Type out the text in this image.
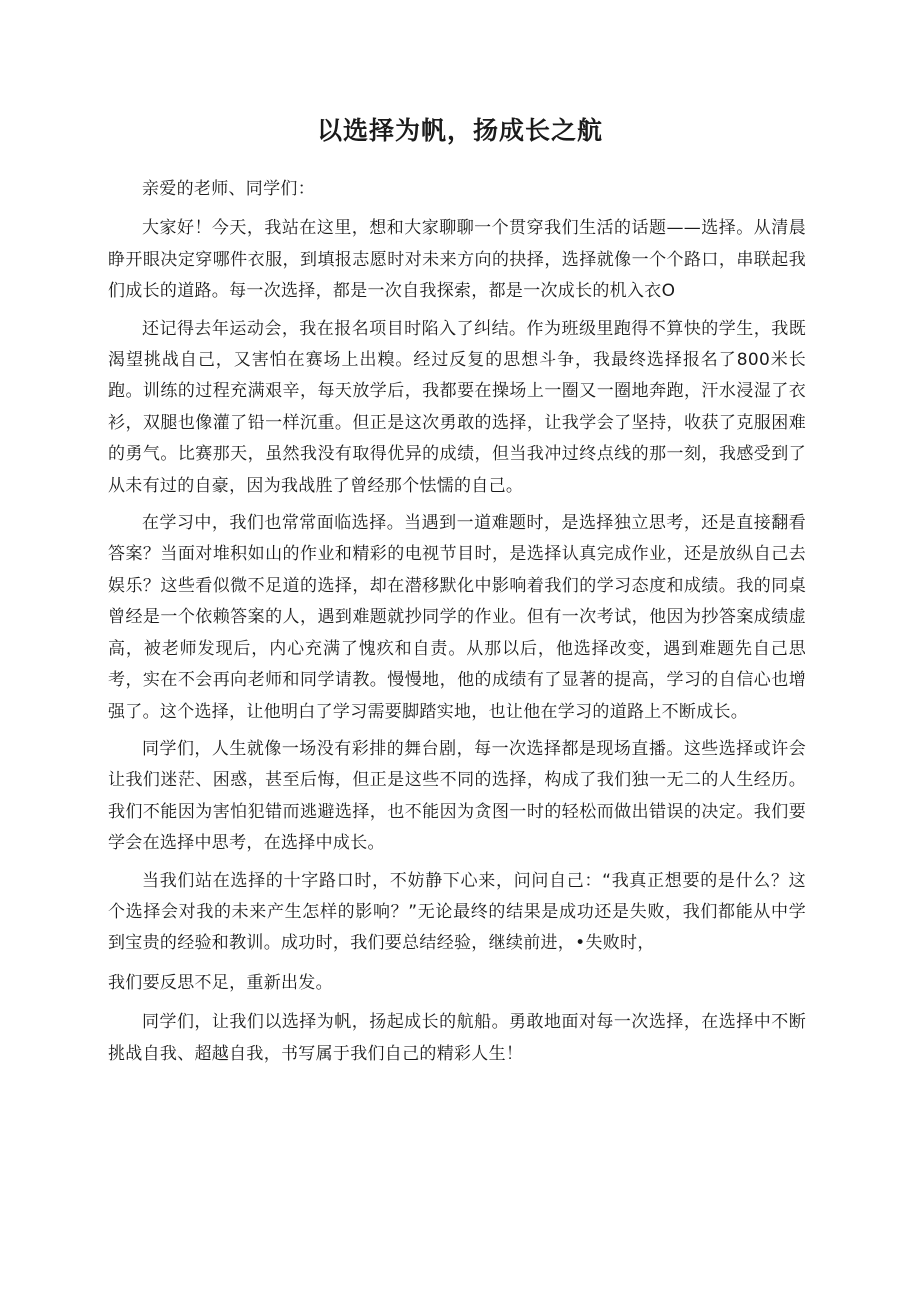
以选择为帆，扬成长之航

亲爱的老师、同学们：

大家好！今天，我站在这里，想和大家聊聊一个贯穿我们生活的话题——选择。从清晨睁开眼决定穿哪件衣服，到填报志愿时对未来方向的抉择，选择就像一个个路口，串联起我们成长的道路。每一次选择，都是一次自我探索，都是一次成长的机入衣O

还记得去年运动会，我在报名项目时陷入了纠结。作为班级里跑得不算快的学生，我既渴望挑战自己，又害怕在赛场上出糗。经过反复的思想斗争，我最终选择报名了800米长跑。训练的过程充满艰辛，每天放学后，我都要在操场上一圈又一圈地奔跑，汗水浸湿了衣衫，双腿也像灌了铅一样沉重。但正是这次勇敢的选择，让我学会了坚持，收获了克服困难的勇气。比赛那天，虽然我没有取得优异的成绩，但当我冲过终点线的那一刻，我感受到了从未有过的自豪，因为我战胜了曾经那个怯懦的自己。

在学习中，我们也常常面临选择。当遇到一道难题时，是选择独立思考，还是直接翻看答案？当面对堆积如山的作业和精彩的电视节目时，是选择认真完成作业，还是放纵自己去娱乐？这些看似微不足道的选择，却在潜移默化中影响着我们的学习态度和成绩。我的同桌曾经是一个依赖答案的人，遇到难题就抄同学的作业。但有一次考试，他因为抄答案成绩虚高，被老师发现后，内心充满了愧疚和自责。从那以后，他选择改变，遇到难题先自己思考，实在不会再向老师和同学请教。慢慢地，他的成绩有了显著的提高，学习的自信心也增强了。这个选择，让他明白了学习需要脚踏实地，也让他在学习的道路上不断成长。

同学们，人生就像一场没有彩排的舞台剧，每一次选择都是现场直播。这些选择或许会让我们迷茫、困惑，甚至后悔，但正是这些不同的选择，构成了我们独一无二的人生经历。我们不能因为害怕犯错而逃避选择，也不能因为贪图一时的轻松而做出错误的决定。我们要学会在选择中思考，在选择中成长。

当我们站在选择的十字路口时，不妨静下心来，问问自己：“我真正想要的是什么？这个选择会对我的未来产生怎样的影响？”无论最终的结果是成功还是失败，我们都能从中学到宝贵的经验和教训。成功时，我们要总结经验，继续前进，•失败时，

我们要反思不足，重新出发。

同学们，让我们以选择为帆，扬起成长的航船。勇敢地面对每一次选择，在选择中不断挑战自我、超越自我，书写属于我们自己的精彩人生！
